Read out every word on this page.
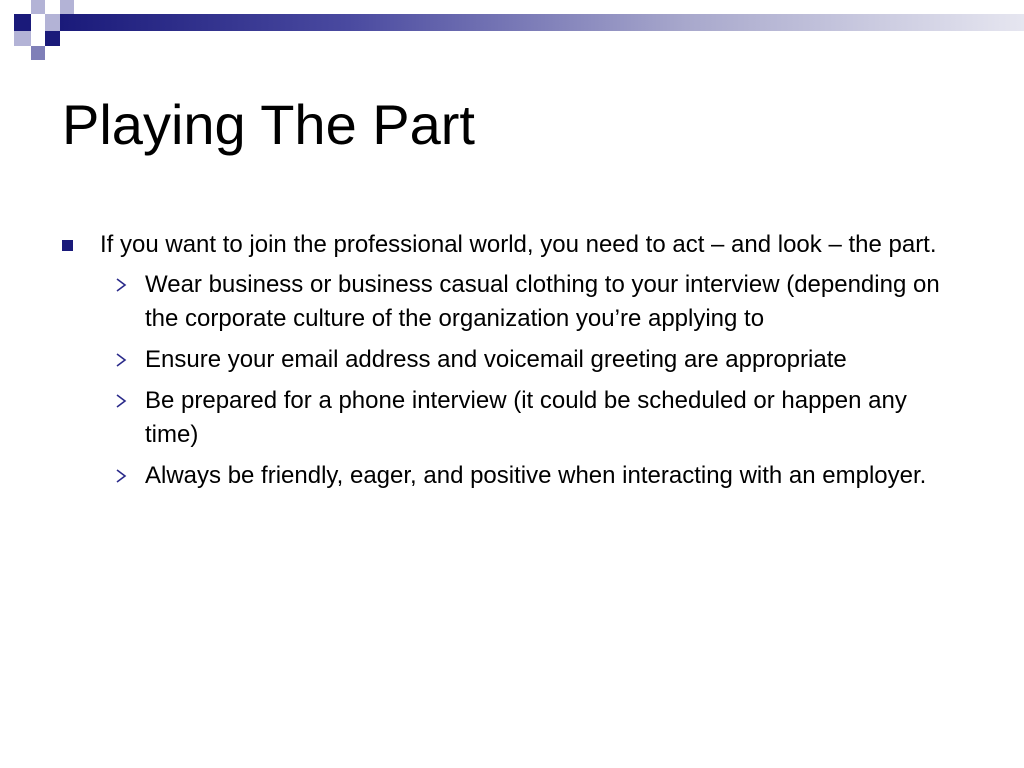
Playing The Part
If you want to join the professional world, you need to act – and look – the part.
Wear business or business casual clothing to your interview (depending on the corporate culture of the organization you’re applying to
Ensure your email address and voicemail greeting are appropriate
Be prepared for a phone interview (it could be scheduled or happen any time)
Always be friendly, eager, and positive when interacting with an employer.
